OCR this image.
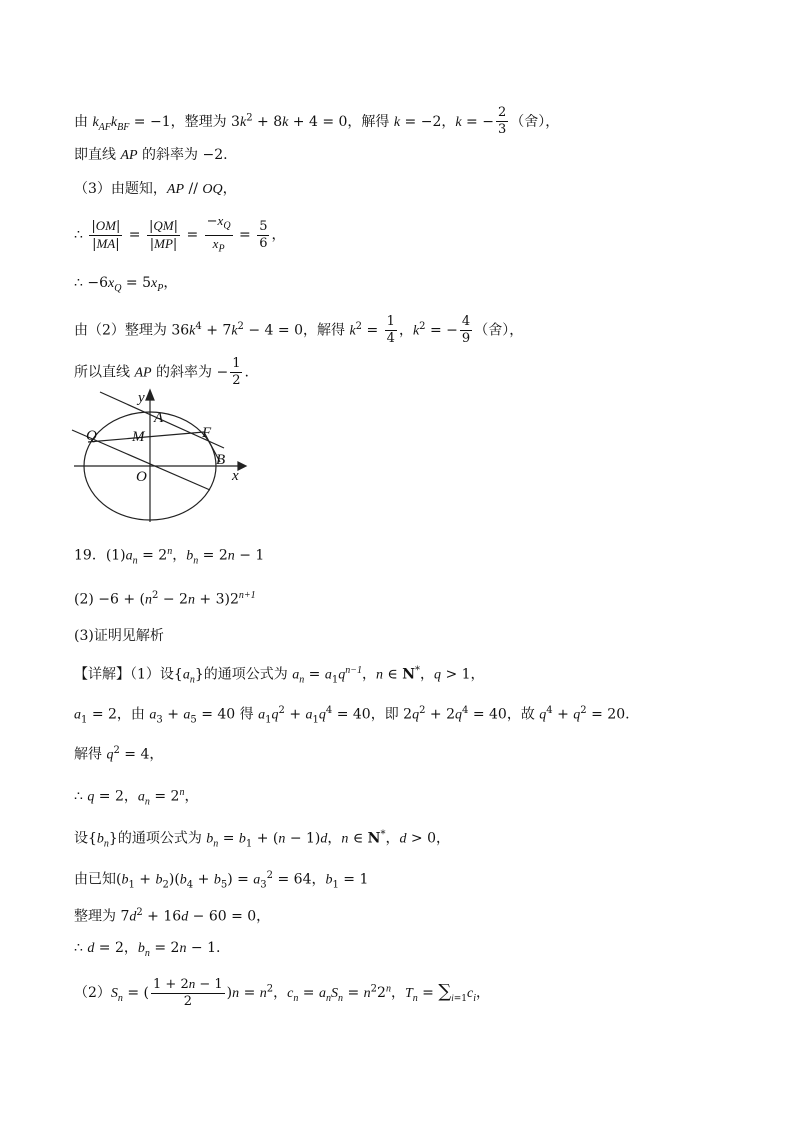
由 $k_{AF}k_{BF} = -1$，整理为 $3k^2 + 8k + 4 = 0$，解得 k = −2，k = − $\frac{2}{3}$ （舍），
即直线 AP 的斜率为 −2.
（3）由题知，AP // OQ，
∴ $\frac{|OM|}{|MA|} = \frac{|QM|}{|MP|} = \frac{-x_Q}{x_P} = \frac{5}{6}$ ，
∴ $-6x_Q = 5x_P$，
由（2）整理为 $36k^4 + 7k^2 - 4 = 0$，解得 $k^2 = \frac{1}{4}$ ，$k^2$ = − $\frac{4}{9}$ （舍），
所以直线 AP 的斜率为 − $\frac{1}{2}$ .
y
A
M	F
Q
O
B
x
19．$(1)a_n = 2^n$，$b_n = 2n - 1$
$(2) -6 + (n^2 - 2n + 3)2^{n+1}$
(3)证明见解析
【详解】（1）设$\{a_n\}$的通项公式为 $a_n = a_1q^{n-1}$，n ∈ N*，q > 1，
$a_1 = 2$，由 $a_3 + a_5 = 40$ 得 $a_1q^2 + a_1q^4 = 40$，即 $2q^2 + 2q^4 = 40$，故 $q^4 + q^2 = 20$.
解得 $q^2 = 4$，
∴ q = 2，$a_n = 2^n$，
设$\{b_n\}$的通项公式为 $b_n = b_1 + (n - 1)d$，n ∈ N*，d > 0，
由已知$(b_1 + b_2)(b_4 + b_5) = a_3^2 = 64$，$b_1 = 1$
整理为 $7d^2 + 16d - 60 = 0$，
∴ d = 2，$b_n = 2n - 1$.
$(2)S_n$ = ( $\frac{1 + 2n - 1}{2} )n = n^2$，$c_n = a_nS_n = n^22^n$，$T_n = \sum_{i=1}c_i$，
